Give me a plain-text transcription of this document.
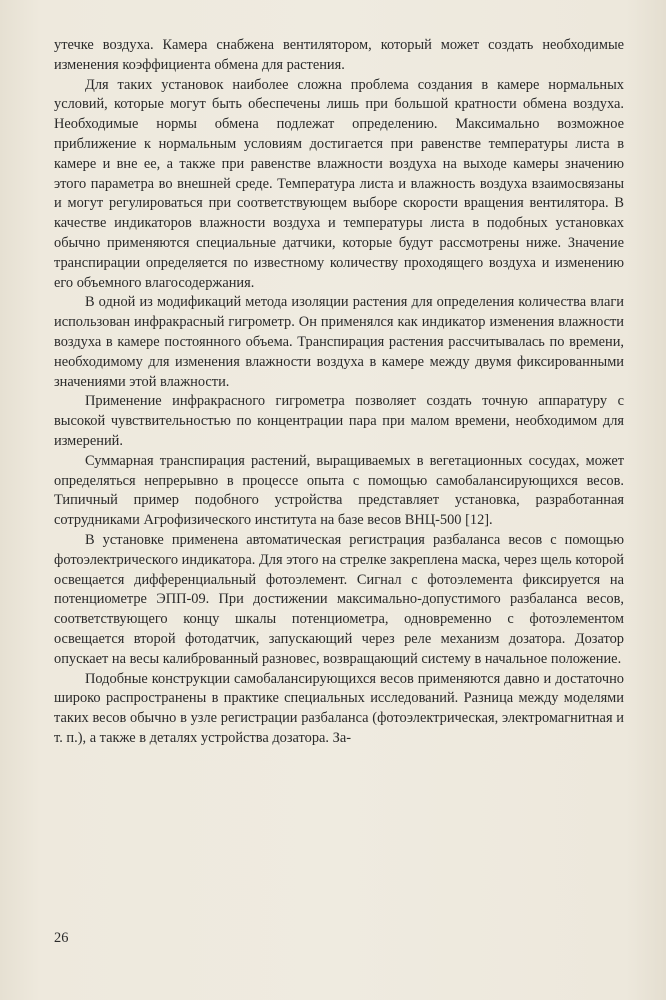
утечке воздуха. Камера снабжена вентилятором, который может создать необходимые изменения коэффициента обмена для растения.

Для таких установок наиболее сложна проблема создания в камере нормальных условий, которые могут быть обеспечены лишь при большой кратности обмена воздуха. Необходимые нормы обмена подлежат определению. Максимально возможное приближение к нормальным условиям достигается при равенстве температуры листа в камере и вне ее, а также при равенстве влажности воздуха на выходе камеры значению этого параметра во внешней среде. Температура листа и влажность воздуха взаимосвязаны и могут регулироваться при соответствующем выборе скорости вращения вентилятора. В качестве индикаторов влажности воздуха и температуры листа в подобных установках обычно применяются специальные датчики, которые будут рассмотрены ниже. Значение транспирации определяется по известному количеству проходящего воздуха и изменению его объемного влагосодержания.

В одной из модификаций метода изоляции растения для определения количества влаги использован инфракрасный гигрометр. Он применялся как индикатор изменения влажности воздуха в камере постоянного объема. Транспирация растения рассчитывалась по времени, необходимому для изменения влажности воздуха в камере между двумя фиксированными значениями этой влажности.

Применение инфракрасного гигрометра позволяет создать точную аппаратуру с высокой чувствительностью по концентрации пара при малом времени, необходимом для измерений.

Суммарная транспирация растений, выращиваемых в вегетационных сосудах, может определяться непрерывно в процессе опыта с помощью самобалансирующихся весов. Типичный пример подобного устройства представляет установка, разработанная сотрудниками Агрофизического института на базе весов ВНЦ-500 [12].

В установке применена автоматическая регистрация разбаланса весов с помощью фотоэлектрического индикатора. Для этого на стрелке закреплена маска, через щель которой освещается дифференциальный фотоэлемент. Сигнал с фотоэлемента фиксируется на потенциометре ЭПП-09. При достижении максимально-допустимого разбаланса весов, соответствующего концу шкалы потенциометра, одновременно с фотоэлементом освещается второй фотодатчик, запускающий через реле механизм дозатора. Дозатор опускает на весы калиброванный разновес, возвращающий систему в начальное положение.

Подобные конструкции самобалансирующихся весов применяются давно и достаточно широко распространены в практике специальных исследований. Разница между моделями таких весов обычно в узле регистрации разбаланса (фотоэлектрическая, электромагнитная и т. п.), а также в деталях устройства дозатора. За-

26
